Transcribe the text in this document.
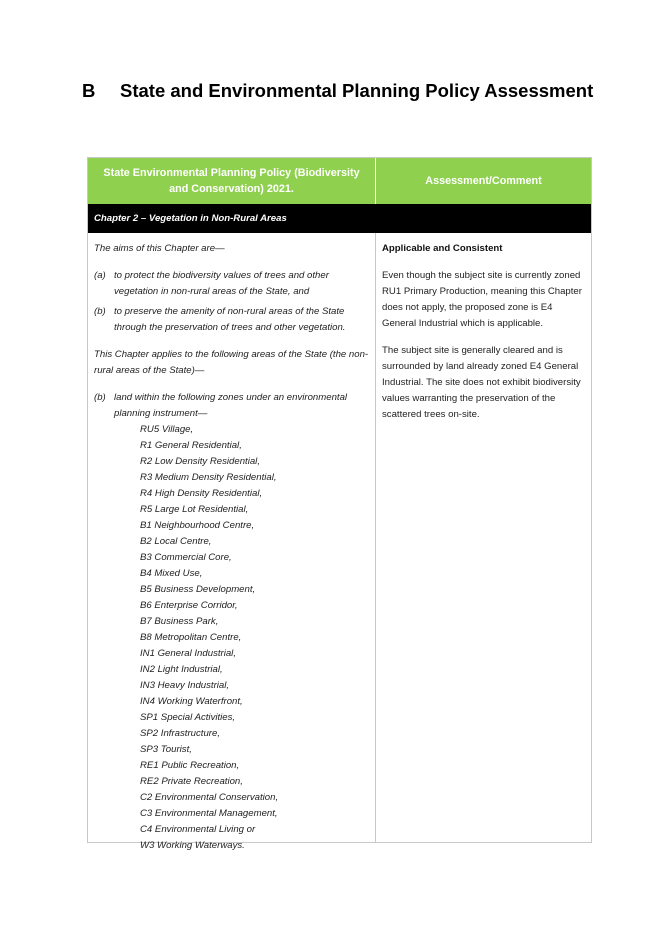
B	State and Environmental Planning Policy Assessment
State Environmental Planning Policy (Biodiversity and Conservation) 2021.
Assessment/Comment
Chapter 2 – Vegetation in Non-Rural Areas

The aims of this Chapter are—

(a) to protect the biodiversity values of trees and other vegetation in non-rural areas of the State, and
(b) to preserve the amenity of non-rural areas of the State through the preservation of trees and other vegetation.

This Chapter applies to the following areas of the State (the non-rural areas of the State)—

(b) land within the following zones under an environmental planning instrument—
RU5 Village,
R1 General Residential,
R2 Low Density Residential,
R3 Medium Density Residential,
R4 High Density Residential,
R5 Large Lot Residential,
B1 Neighbourhood Centre,
B2 Local Centre,
B3 Commercial Core,
B4 Mixed Use,
B5 Business Development,
B6 Enterprise Corridor,
B7 Business Park,
B8 Metropolitan Centre,
IN1 General Industrial,
IN2 Light Industrial,
IN3 Heavy Industrial,
IN4 Working Waterfront,
SP1 Special Activities,
SP2 Infrastructure,
SP3 Tourist,
RE1 Public Recreation,
RE2 Private Recreation,
C2 Environmental Conservation,
C3 Environmental Management,
C4 Environmental Living or
W3 Working Waterways.

Applicable and Consistent

Even though the subject site is currently zoned RU1 Primary Production, meaning this Chapter does not apply, the proposed zone is E4 General Industrial which is applicable.

The subject site is generally cleared and is surrounded by land already zoned E4 General Industrial. The site does not exhibit biodiversity values warranting the preservation of the scattered trees on-site.
